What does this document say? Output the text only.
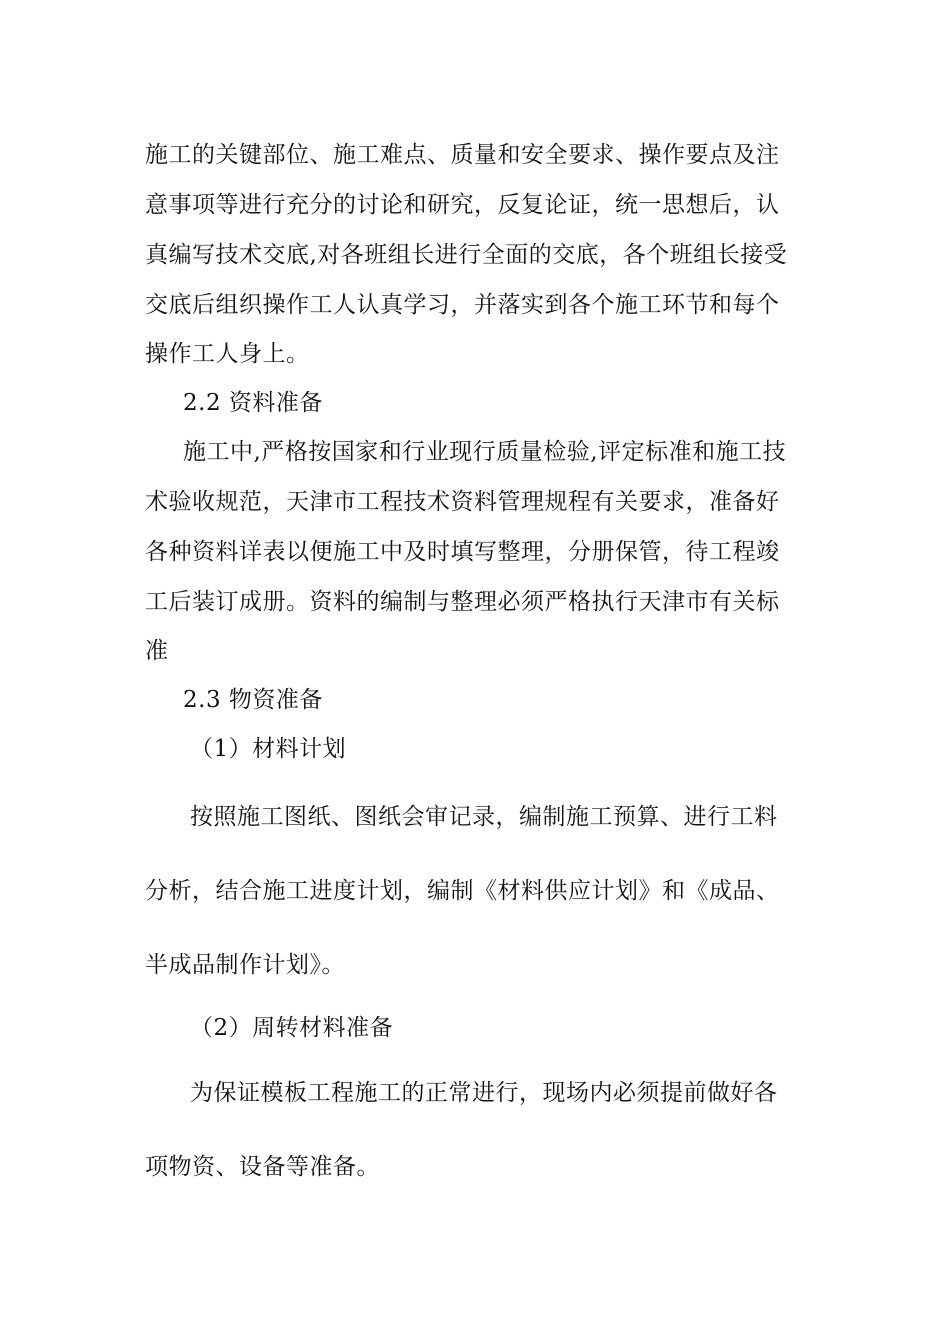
施工的关键部位、施工难点、质量和安全要求、操作要点及注
意事项等进行充分的讨论和研究，反复论证，统一思想后，认
真编写技术交底,对各班组长进行全面的交底，各个班组长接受
交底后组织操作工人认真学习，并落实到各个施工环节和每个
操作工人身上。
2.2 资料准备
施工中,严格按国家和行业现行质量检验,评定标准和施工技
术验收规范，天津市工程技术资料管理规程有关要求，准备好
各种资料详表以便施工中及时填写整理，分册保管，待工程竣
工后装订成册。资料的编制与整理必须严格执行天津市有关标
准
2.3 物资准备
（1）材料计划
按照施工图纸、图纸会审记录，编制施工预算、进行工料
分析，结合施工进度计划，编制《材料供应计划》和《成品、
半成品制作计划》。
（2）周转材料准备
为保证模板工程施工的正常进行，现场内必须提前做好各
项物资、设备等准备。
